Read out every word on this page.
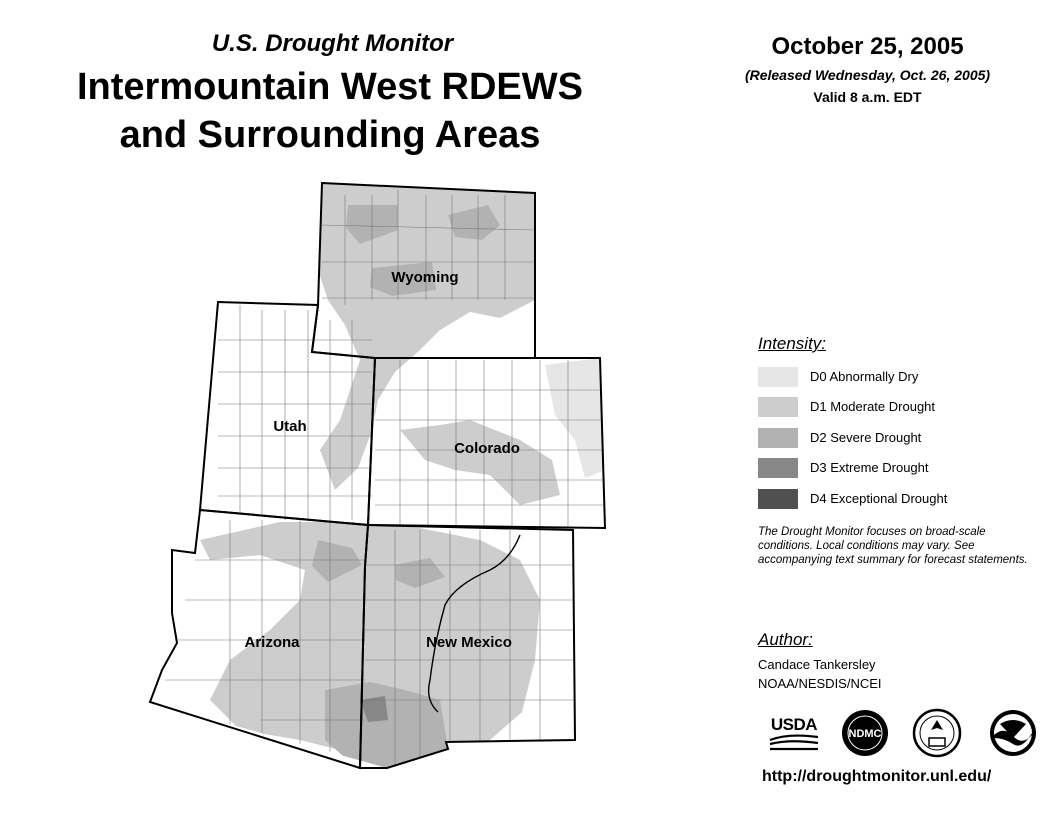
U.S. Drought Monitor
Intermountain West RDEWS
and Surrounding Areas
October 25, 2005
(Released Wednesday, Oct. 26, 2005)
Valid 8 a.m. EDT
Wyoming
Utah
Colorado
Arizona	New Mexico
Intensity:
D0 Abnormally Dry
D1 Moderate Drought
D2 Severe Drought
D3 Extreme Drought
D4 Exceptional Drought
The Drought Monitor focuses on broad-scale conditions. Local conditions may vary. See accompanying text summary for forecast statements.
Author:
Candace Tankersley
NOAA/NESDIS/NCEI
USDA	NDMC
http://droughtmonitor.unl.edu/
